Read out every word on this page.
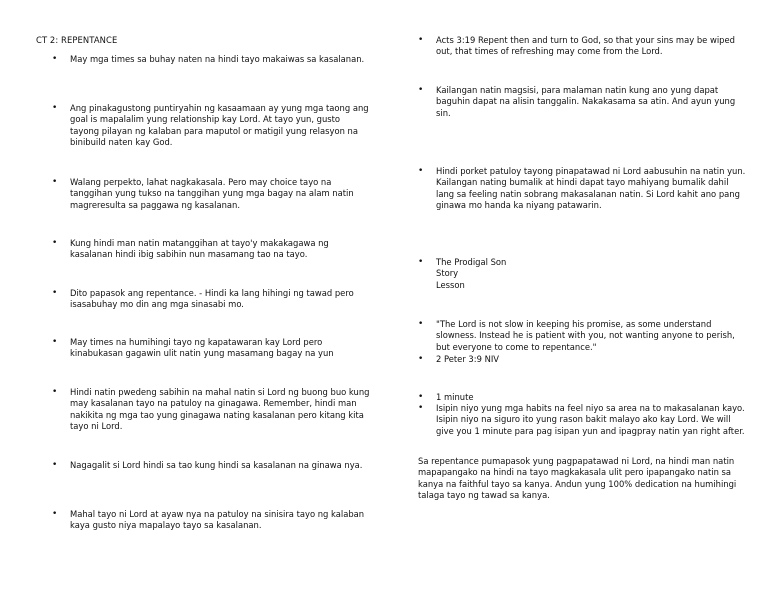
CT 2: REPENTANCE
• May mga times sa buhay naten na hindi tayo makaiwas sa kasalanan.
• Ang pinakagustong puntiryahin ng kasaamaan ay yung mga taong ang goal is mapalalim yung relationship kay Lord. At tayo yun, gusto tayong pilayan ng kalaban para maputol or matigil yung relasyon na binibuild naten kay God.
• Walang perpekto, lahat nagkakasala. Pero may choice tayo na tanggihan yung tukso na tanggihan yung mga bagay na alam natin magreresulta sa paggawa ng kasalanan.
• Kung hindi man natin matanggihan at tayo'y makakagawa ng kasalanan hindi ibig sabihin nun masamang tao na tayo.
• Dito papasok ang repentance. - Hindi ka lang hihingi ng tawad pero isasabuhay mo din ang mga sinasabi mo.
• May times na humihingi tayo ng kapatawaran kay Lord pero kinabukasan gagawin ulit natin yung masamang bagay na yun
• Hindi natin pwedeng sabihin na mahal natin si Lord ng buong buo kung may kasalanan tayo na patuloy na ginagawa. Remember, hindi man nakikita ng mga tao yung ginagawa nating kasalanan pero kitang kita tayo ni Lord.
• Nagagalit si Lord hindi sa tao kung hindi sa kasalanan na ginawa nya.
• Mahal tayo ni Lord at ayaw nya na patuloy na sinisira tayo ng kalaban kaya gusto niya mapalayo tayo sa kasalanan.
• Acts 3:19 Repent then and turn to God, so that your sins may be wiped out, that times of refreshing may come from the Lord.
• Kailangan natin magsisi, para malaman natin kung ano yung dapat baguhin dapat na alisin tanggalin. Nakakasama sa atin. And ayun yung sin.
• Hindi porket patuloy tayong pinapatawad ni Lord aabusuhin na natin yun. Kailangan nating bumalik at hindi dapat tayo mahiyang bumalik dahil lang sa feeling natin sobrang makasalanan natin. Si Lord kahit ano pang ginawa mo handa ka niyang patawarin.
• The Prodigal Son
Story
Lesson
• "The Lord is not slow in keeping his promise, as some understand slowness. Instead he is patient with you, not wanting anyone to perish, but everyone to come to repentance."
• 2 Peter 3:9 NIV
• 1 minute
• Isipin niyo yung mga habits na feel niyo sa area na to makasalanan kayo. Isipin niyo na siguro ito yung rason bakit malayo ako kay Lord. We will give you 1 minute para pag isipan yun and ipagpray natin yan right after.
Sa repentance pumapasok yung pagpapatawad ni Lord, na hindi man natin mapapangako na hindi na tayo magkakasala ulit pero ipapangako natin sa kanya na faithful tayo sa kanya. Andun yung 100% dedication na humihingi talaga tayo ng tawad sa kanya.
